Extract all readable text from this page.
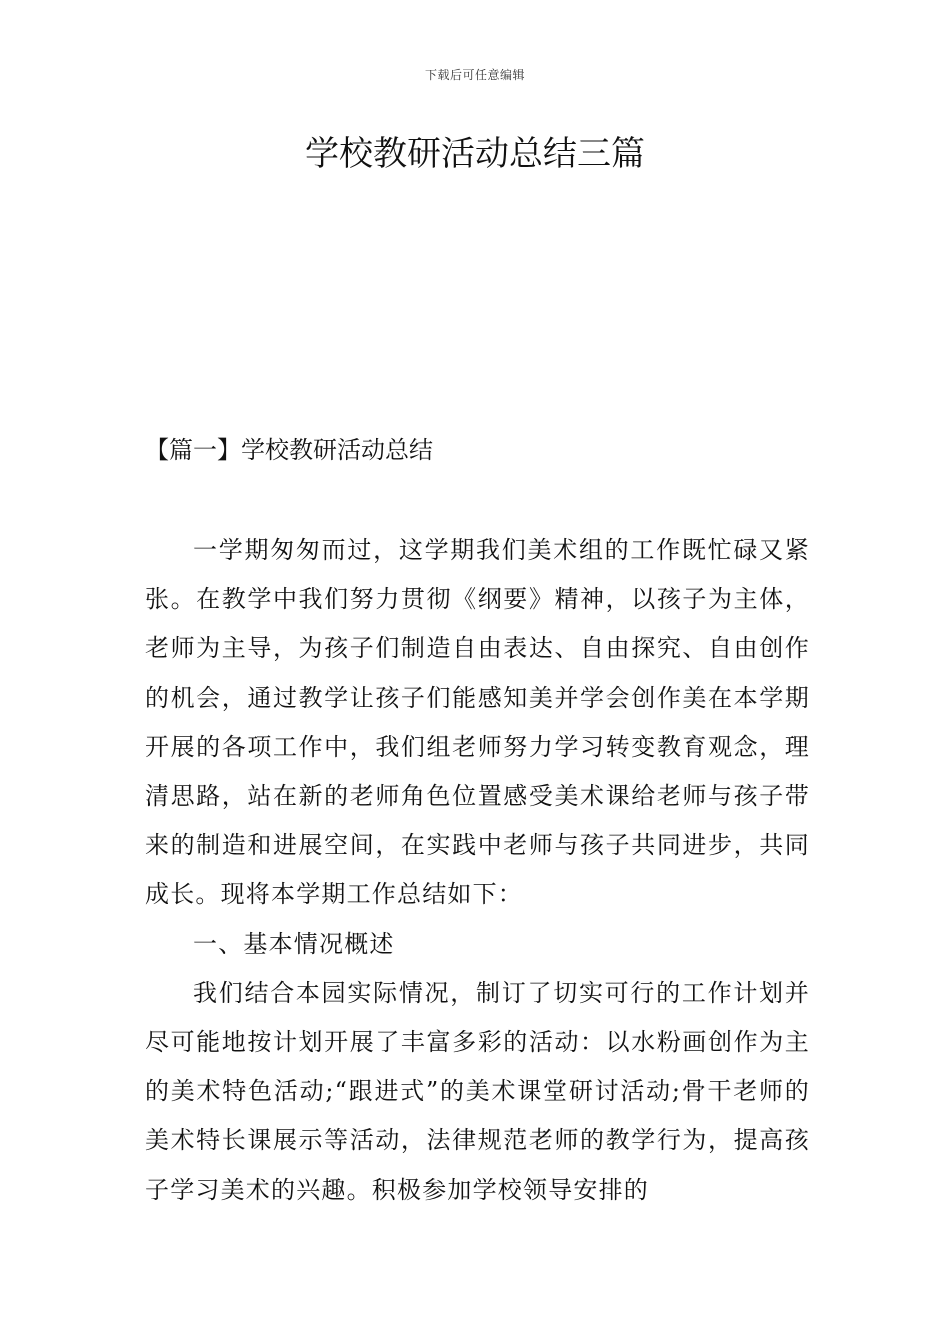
下载后可任意编辑
学校教研活动总结三篇
【篇一】学校教研活动总结

一学期匆匆而过，这学期我们美术组的工作既忙碌又紧张。在教学中我们努力贯彻《纲要》精神，以孩子为主体，老师为主导，为孩子们制造自由表达、自由探究、自由创作的机会，通过教学让孩子们能感知美并学会创作美在本学期开展的各项工作中，我们组老师努力学习转变教育观念，理清思路，站在新的老师角色位置感受美术课给老师与孩子带来的制造和进展空间，在实践中老师与孩子共同进步，共同成长。现将本学期工作总结如下：

一、基本情况概述

我们结合本园实际情况，制订了切实可行的工作计划并尽可能地按计划开展了丰富多彩的活动：以水粉画创作为主的美术特色活动;“跟进式”的美术课堂研讨活动;骨干老师的美术特长课展示等活动，法律规范老师的教学行为，提高孩子学习美术的兴趣。积极参加学校领导安排的
